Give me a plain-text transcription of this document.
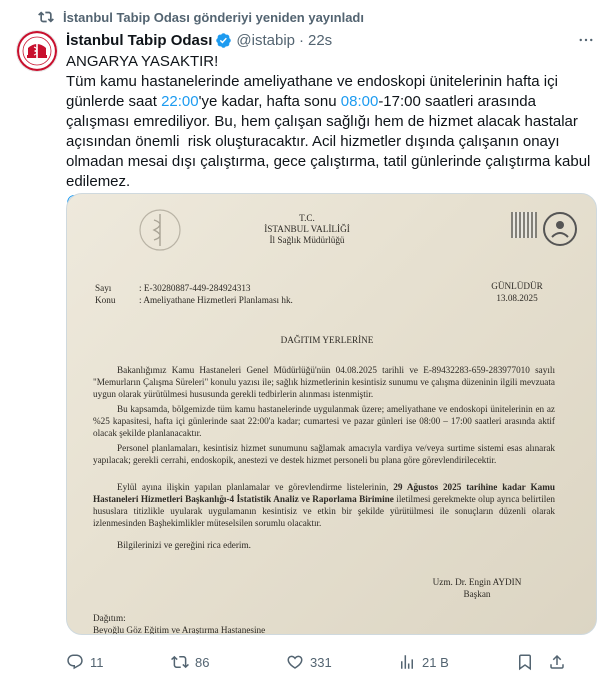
İstanbul Tabip Odası gönderiyi yeniden yayınladı
İstanbul Tabip Odası @istabip · 22s
ANGARYA YASAKTIR!
Tüm kamu hastanelerinde ameliyathane ve endoskopi ünitelerinin hafta içi günlerde saat 22:00'ye kadar, hafta sonu 08:00-17:00 saatleri arasında çalışması emrediliyor. Bu, hem çalışan sağlığı hem de hizmet alacak hastalar açısından önemli  risk oluşturacaktır. Acil hizmetler dışında çalışanın onayı olmadan mesai dışı çalıştırma, gece çalıştırma, tatil günlerinde çalıştırma kabul edilemez.

T.C.
İSTANBUL VALİLİĞİ
İl Sağlık Müdürlüğü
Sayı	: E-30280887-449-284924313
Konu	: Ameliyathane Hizmetleri Planlaması hk.
GÜNLÜDÜR
13.08.2025
DAĞITIM YERLERİNE
Bakanlığımız Kamu Hastaneleri Genel Müdürlüğü'nün 04.08.2025 tarihli ve E-89432283-659-283977010 sayılı "Memurların Çalışma Süreleri" konulu yazısı ile; sağlık hizmetlerinin kesintisiz sunumu ve çalışma düzeninin ilgili mevzuata uygun olarak yürütülmesi hususunda gerekli tedbirlerin alınması istenmiştir.
Bu kapsamda, bölgemizde tüm kamu hastanelerinde uygulanmak üzere; ameliyathane ve endoskopi ünitelerinin en az %25 kapasitesi, hafta içi günlerinde saat 22:00'a kadar; cumartesi ve pazar günleri ise 08:00 – 17:00 saatleri arasında aktif olacak şekilde planlanacaktır.
Personel planlamaları, kesintisiz hizmet sunumunu sağlamak amacıyla vardiya ve/veya surtime sistemi esas alınarak yapılacak; gerekli cerrahi, endoskopik, anestezi ve destek hizmet personeli bu plana göre görevlendirilecektir.
Eylül ayına ilişkin yapılan planlamalar ve görevlendirme listelerinin, 29 Ağustos 2025 tarihine kadar Kamu Hastaneleri Hizmetleri Başkanlığı-4 İstatistik Analiz ve Raporlama Birimine iletilmesi gerekmekte olup ayrıca belirtilen hususlara titizlikle uyularak uygulamanın kesintisiz ve etkin bir şekilde yürütülmesi ile sonuçların düzenli olarak izlenmesinden Başhekimlikler müteselsilen sorumlu olacaktır.
Bilgilerinizi ve gereğini rica ederim.
Uzm. Dr. Engin AYDIN
Başkan
Dağıtım:
Beyoğlu Göz Eğitim ve Araştırma Hastanesine
11	86	331	21 B
